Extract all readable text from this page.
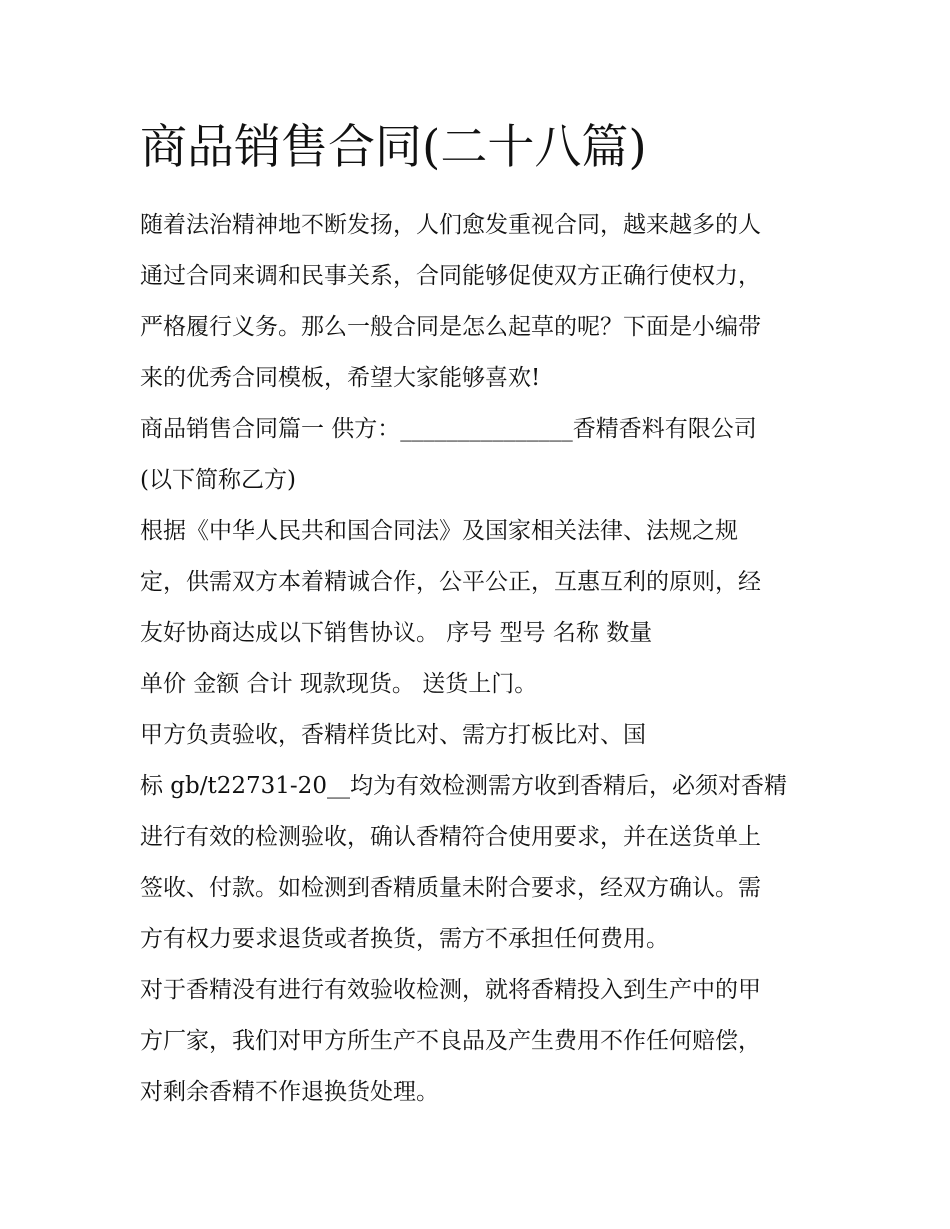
商品销售合同(二十八篇)
随着法治精神地不断发扬，人们愈发重视合同，越来越多的人
通过合同来调和民事关系，合同能够促使双方正确行使权力，
严格履行义务。那么一般合同是怎么起草的呢？下面是小编带
来的优秀合同模板，希望大家能够喜欢!
商品销售合同篇一 供方：_______________香精香料有限公司
(以下简称乙方)
根据《中华人民共和国合同法》及国家相关法律、法规之规
定，供需双方本着精诚合作，公平公正，互惠互利的原则，经
友好协商达成以下销售协议。 序号 型号 名称 数量
单价 金额 合计 现款现货。 送货上门。
甲方负责验收，香精样货比对、需方打板比对、国
标 gb/t22731-20__均为有效检测需方收到香精后，必须对香精
进行有效的检测验收，确认香精符合使用要求，并在送货单上
签收、付款。如检测到香精质量未附合要求，经双方确认。需
方有权力要求退货或者换货，需方不承担任何费用。
对于香精没有进行有效验收检测，就将香精投入到生产中的甲
方厂家，我们对甲方所生产不良品及产生费用不作任何赔偿，
对剩余香精不作退换货处理。
